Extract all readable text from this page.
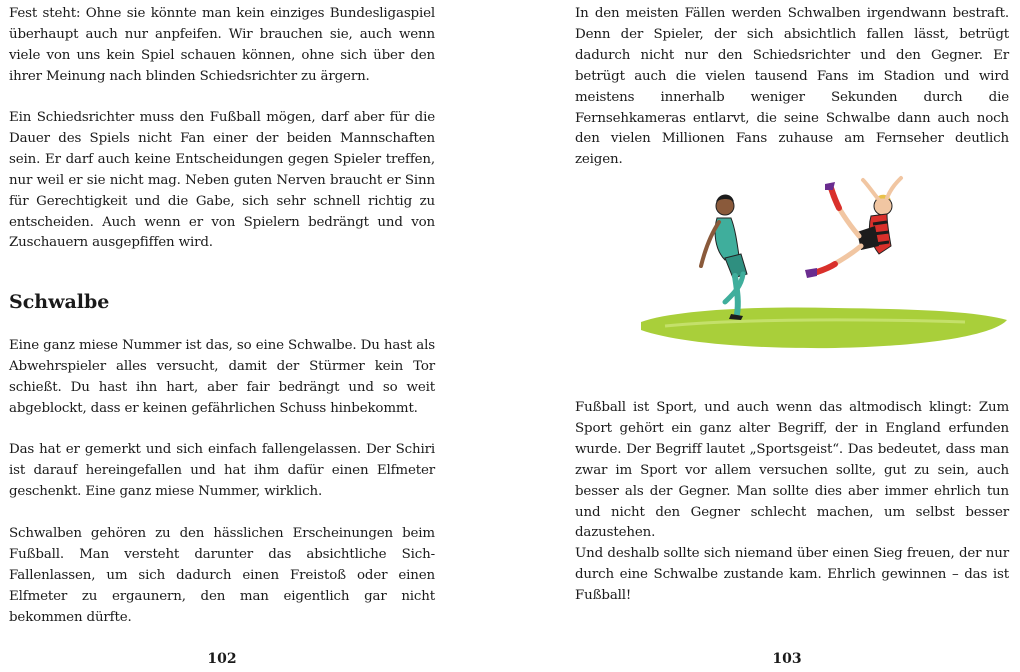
Fest steht: Ohne sie könnte man kein einziges Bundesligaspiel überhaupt auch nur anpfeifen. Wir brauchen sie, auch wenn viele von uns kein Spiel schauen können, ohne sich über den ihrer Meinung nach blinden Schiedsrichter zu ärgern.

Ein Schiedsrichter muss den Fußball mögen, darf aber für die Dauer des Spiels nicht Fan einer der beiden Mannschaften sein. Er darf auch keine Entscheidungen gegen Spieler treffen, nur weil er sie nicht mag. Neben guten Nerven braucht er Sinn für Gerechtigkeit und die Gabe, sich sehr schnell richtig zu entscheiden. Auch wenn er von Spielern bedrängt und von Zuschauern ausgepfiffen wird.

Schwalbe

Eine ganz miese Nummer ist das, so eine Schwalbe. Du hast als Abwehrspieler alles versucht, damit der Stürmer kein Tor schießt. Du hast ihn hart, aber fair bedrängt und so weit abgeblockt, dass er keinen gefährlichen Schuss hinbekommt.

Das hat er gemerkt und sich einfach fallengelassen. Der Schiri ist darauf hereingefallen und hat ihm dafür einen Elfmeter geschenkt. Eine ganz miese Nummer, wirklich.

Schwalben gehören zu den hässlichen Erscheinungen beim Fußball. Man versteht darunter das absichtliche Sich-Fallenlassen, um sich dadurch einen Freistoß oder einen Elfmeter zu ergaunern, den man eigentlich gar nicht bekommen dürfte.

102

In den meisten Fällen werden Schwalben irgendwann bestraft. Denn der Spieler, der sich absichtlich fallen lässt, betrügt dadurch nicht nur den Schiedsrichter und den Gegner. Er betrügt auch die vielen tausend Fans im Stadion und wird meistens innerhalb weniger Sekunden durch die Fernsehkameras entlarvt, die seine Schwalbe dann auch noch den vielen Millionen Fans zuhause am Fernseher deutlich zeigen.

Fußball ist Sport, und auch wenn das altmodisch klingt: Zum Sport gehört ein ganz alter Begriff, der in England erfunden wurde. Der Begriff lautet „Sportsgeist“. Das bedeutet, dass man zwar im Sport vor allem versuchen sollte, gut zu sein, auch besser als der Gegner. Man sollte dies aber immer ehrlich tun und nicht den Gegner schlecht machen, um selbst besser dazustehen.

Und deshalb sollte sich niemand über einen Sieg freuen, der nur durch eine Schwalbe zustande kam. Ehrlich gewinnen – das ist Fußball!

103
